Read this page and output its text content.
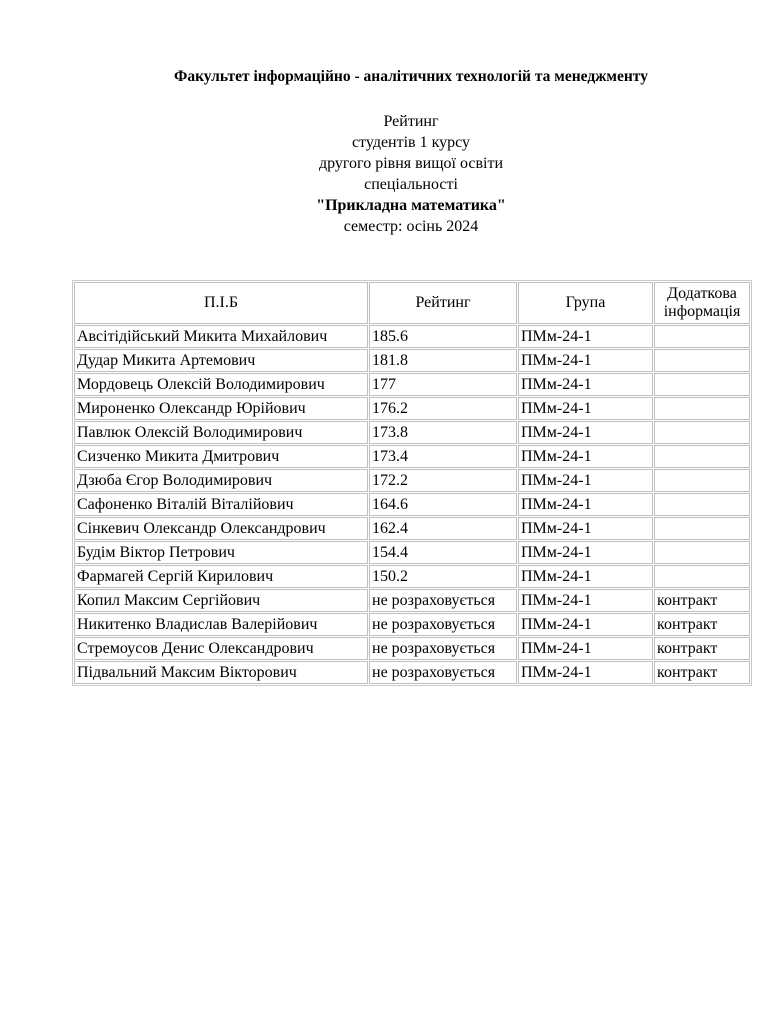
Факультет інформаційно - аналітичних технологій та менеджменту
Рейтинг
студентів 1 курсу
другого рівня вищої освіти
спеціальності
"Прикладна математика"
семестр: осінь 2024
П.І.Б	Рейтинг	Група	Додаткова
інформація
Авсітідійський Микита Михайлович	185.6	ПМм-24-1	
Дудар Микита Артемович	181.8	ПМм-24-1	
Мордовець Олексій Володимирович	177	ПМм-24-1	
Мироненко Олександр Юрійович	176.2	ПМм-24-1	
Павлюк Олексій Володимирович	173.8	ПМм-24-1	
Сизченко Микита Дмитрович	173.4	ПМм-24-1	
Дзюба Єгор Володимирович	172.2	ПМм-24-1	
Сафоненко Віталій Віталійович	164.6	ПМм-24-1	
Сінкевич Олександр Олександрович	162.4	ПМм-24-1	
Будім Віктор Петрович	154.4	ПМм-24-1	
Фармагей Сергій Кирилович	150.2	ПМм-24-1	
Копил Максим Сергійович	не розраховується	ПМм-24-1	контракт
Никитенко Владислав Валерійович	не розраховується	ПМм-24-1	контракт
Стремоусов Денис Олександрович	не розраховується	ПМм-24-1	контракт
Підвальний Максим Вікторович	не розраховується	ПМм-24-1	контракт
